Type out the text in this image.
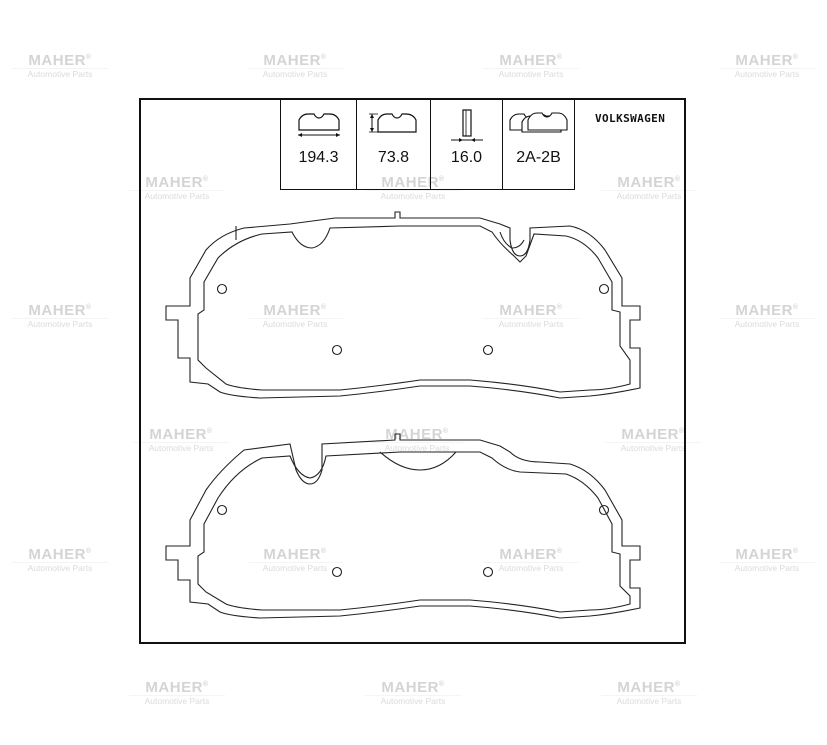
MAHER®
Automotive Parts
MAHER®
Automotive Parts
MAHER®
Automotive Parts
MAHER®
Automotive Parts
MAHER®
Automotive Parts
MAHER®
Automotive Parts
MAHER®
Automotive Parts
MAHER®
Automotive Parts
MAHER®
Automotive Parts
MAHER®
Automotive Parts
MAHER®
Automotive Parts
MAHER®
Automotive Parts
MAHER®
Automotive Parts
MAHER®
Automotive Parts
MAHER®
Automotive Parts
MAHER®
Automotive Parts
MAHER®
Automotive Parts
MAHER®
Automotive Parts
MAHER®
Automotive Parts
MAHER®
Automotive Parts
MAHER®
Automotive Parts
194.3	73.8	16.0	2A-2B
VOLKSWAGEN
